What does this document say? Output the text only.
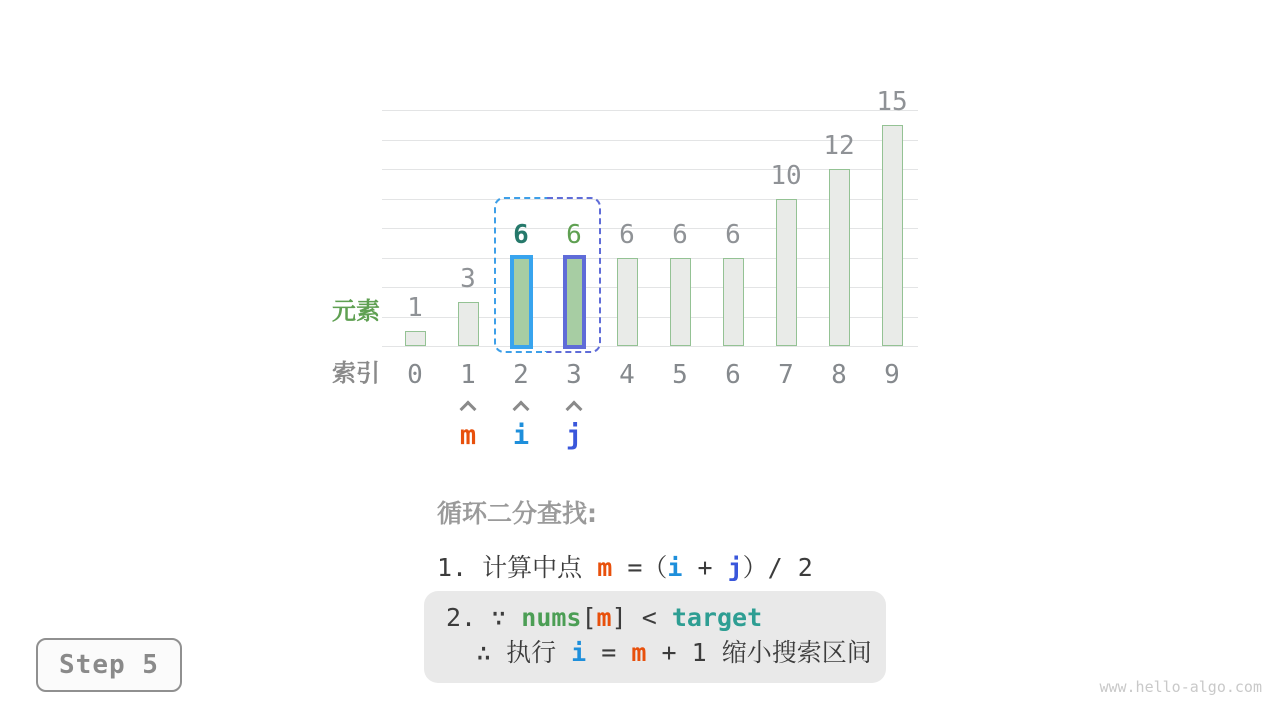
1
0
3
1
6
2
6
3
6
4
6
5
6
6
10
7
12
8
15
9
元素
索引
m	i	j
循环二分查找:
1. 计算中点 m =（i + j）/ 2
2. ∵ nums[m] < target
∴ 执行 i = m + 1 缩小搜索区间
Step 5
www.hello-algo.com
